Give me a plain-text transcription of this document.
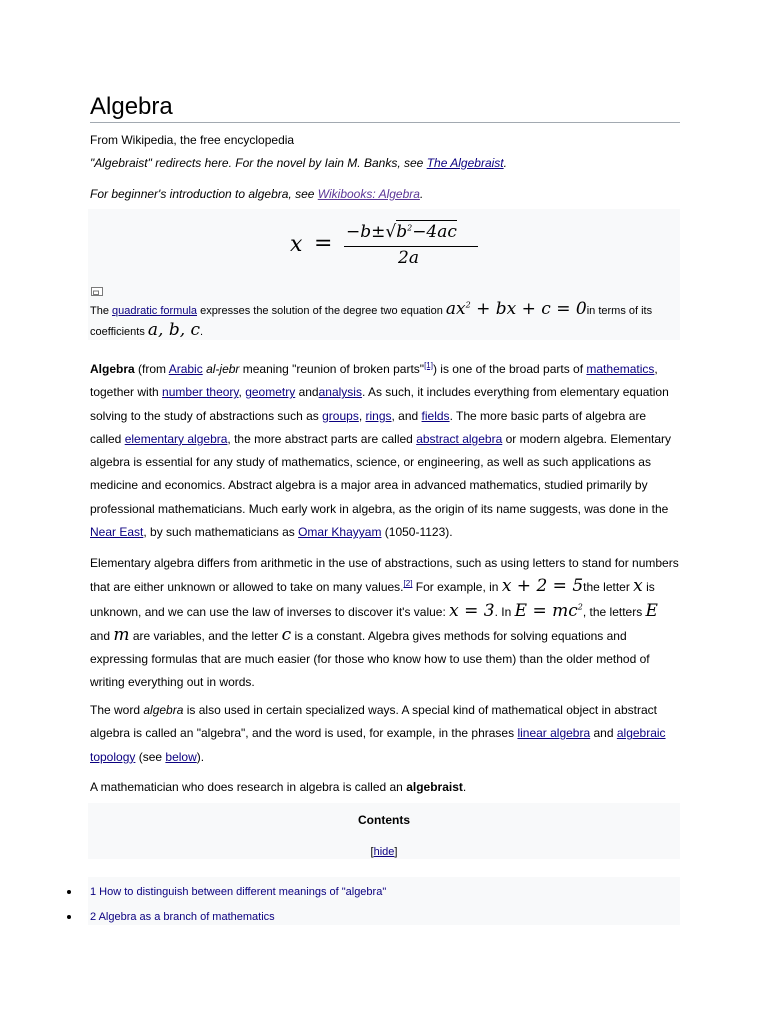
Algebra
From Wikipedia, the free encyclopedia
"Algebraist" redirects here. For the novel by Iain M. Banks, see The Algebraist.
For beginner's introduction to algebra, see Wikibooks: Algebra.
$x = -b\pm√b^2-4ac$
2a
The quadratic formula expresses the solution of the degree two equation $ax^2$ + bx + c = 0in terms of its
coefficients a, b, c.
Algebra (from Arabic al-jebr meaning "reunion of broken parts"[1]) is one of the broad parts of mathematics, together with number theory, geometry andanalysis. As such, it includes everything from elementary equation solving to the study of abstractions such as groups, rings, and fields. The more basic parts of algebra are called elementary algebra, the more abstract parts are called abstract algebra or modern algebra. Elementary algebra is essential for any study of mathematics, science, or engineering, as well as such applications as medicine and economics. Abstract algebra is a major area in advanced mathematics, studied primarily by professional mathematicians. Much early work in algebra, as the origin of its name suggests, was done in the Near East, by such mathematicians as Omar Khayyam (1050-1123).
Elementary algebra differs from arithmetic in the use of abstractions, such as using letters to stand for numbers that are either unknown or allowed to take on many values.[2] For example, in x + 2 = 5the letter x is unknown, and we can use the law of inverses to discover it's value: x = 3. In $E = mc^2$, the letters E and m are variables, and the letter c is a constant. Algebra gives methods for solving equations and expressing formulas that are much easier (for those who know how to use them) than the older method of writing everything out in words.
The word algebra is also used in certain specialized ways. A special kind of mathematical object in abstract algebra is called an "algebra", and the word is used, for example, in the phrases linear algebra and algebraic topology (see below).
A mathematician who does research in algebra is called an algebraist.
Contents
[hide]
1 How to distinguish between different meanings of "algebra"
2 Algebra as a branch of mathematics
